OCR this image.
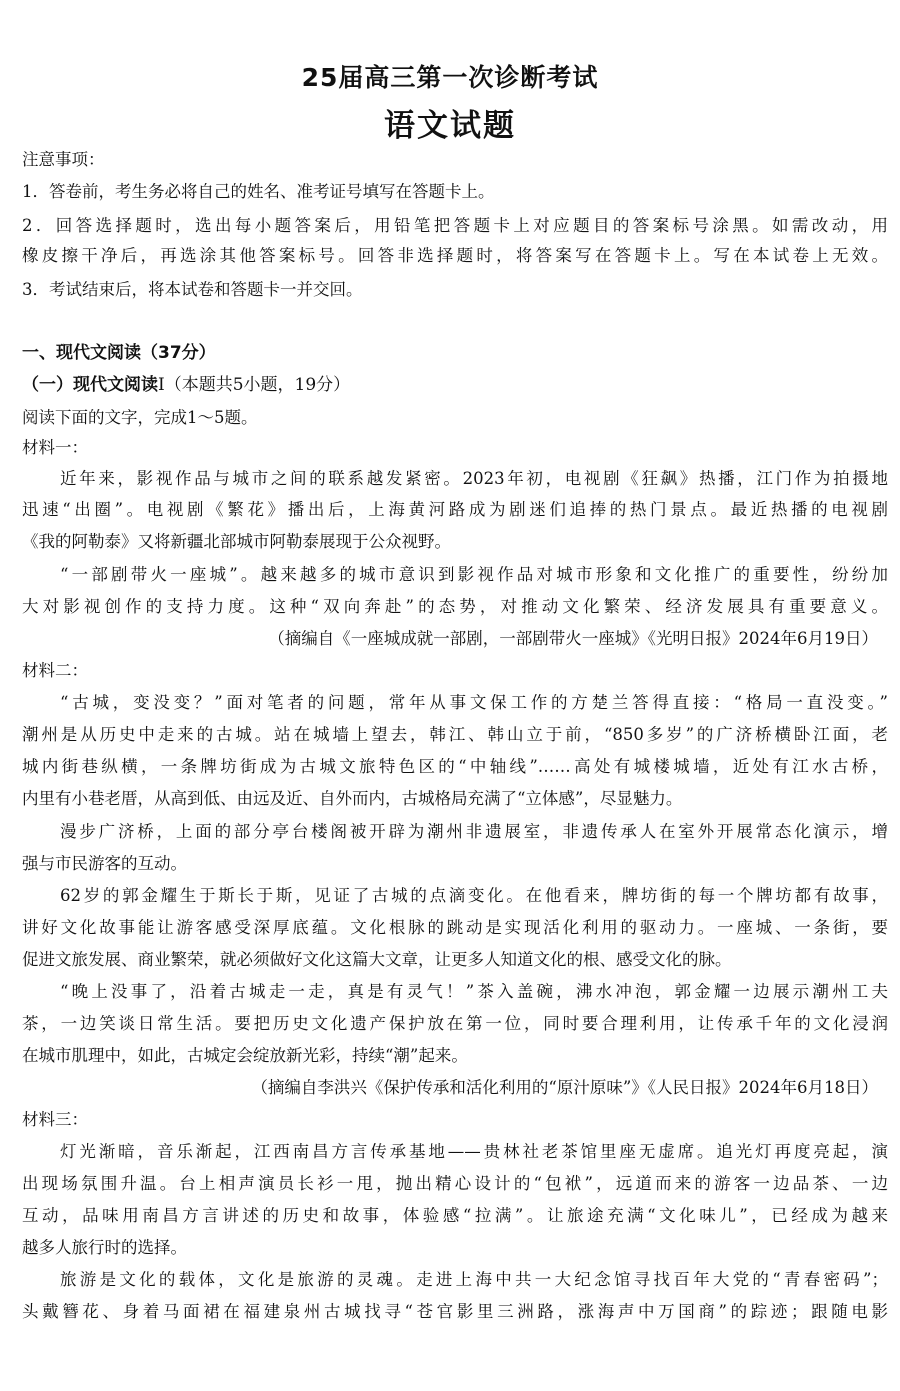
25届高三第一次诊断考试
语文试题
注意事项：
1．答卷前，考生务必将自己的姓名、准考证号填写在答题卡上。
2．回答选择题时，选出每小题答案后，用铅笔把答题卡上对应题目的答案标号涂黑。如需改动，用
橡皮擦干净后，再选涂其他答案标号。回答非选择题时，将答案写在答题卡上。写在本试卷上无效。
3．考试结束后，将本试卷和答题卡一并交回。
一、现代文阅读（37分）
（一）现代文阅读Ⅰ（本题共5小题，19分）
阅读下面的文字，完成1～5题。
材料一：
近年来，影视作品与城市之间的联系越发紧密。2023年初，电视剧《狂飙》热播，江门作为拍摄地
迅速“出圈”。电视剧《繁花》播出后，上海黄河路成为剧迷们追捧的热门景点。最近热播的电视剧
《我的阿勒泰》又将新疆北部城市阿勒泰展现于公众视野。
“一部剧带火一座城”。越来越多的城市意识到影视作品对城市形象和文化推广的重要性，纷纷加
大对影视创作的支持力度。这种“双向奔赴”的态势，对推动文化繁荣、经济发展具有重要意义。
（摘编自《一座城成就一部剧，一部剧带火一座城》《光明日报》2024年6月19日）
材料二：
“古城，变没变？”面对笔者的问题，常年从事文保工作的方楚兰答得直接：“格局一直没变。”
潮州是从历史中走来的古城。站在城墙上望去，韩江、韩山立于前，“850多岁”的广济桥横卧江面，老
城内街巷纵横，一条牌坊街成为古城文旅特色区的“中轴线”……高处有城楼城墙，近处有江水古桥，
内里有小巷老厝，从高到低、由远及近、自外而内，古城格局充满了“立体感”，尽显魅力。
漫步广济桥，上面的部分亭台楼阁被开辟为潮州非遗展室，非遗传承人在室外开展常态化演示，增
强与市民游客的互动。
62岁的郭金耀生于斯长于斯，见证了古城的点滴变化。在他看来，牌坊街的每一个牌坊都有故事，
讲好文化故事能让游客感受深厚底蕴。文化根脉的跳动是实现活化利用的驱动力。一座城、一条街，要
促进文旅发展、商业繁荣，就必须做好文化这篇大文章，让更多人知道文化的根、感受文化的脉。
“晚上没事了，沿着古城走一走，真是有灵气！”茶入盖碗，沸水冲泡，郭金耀一边展示潮州工夫
茶，一边笑谈日常生活。要把历史文化遗产保护放在第一位，同时要合理利用，让传承千年的文化浸润
在城市肌理中，如此，古城定会绽放新光彩，持续“潮”起来。
（摘编自李洪兴《保护传承和活化利用的“原汁原味”》《人民日报》2024年6月18日）
材料三：
灯光渐暗，音乐渐起，江西南昌方言传承基地——贵林社老茶馆里座无虚席。追光灯再度亮起，演
出现场氛围升温。台上相声演员长衫一甩，抛出精心设计的“包袱”，远道而来的游客一边品茶、一边
互动，品味用南昌方言讲述的历史和故事，体验感“拉满”。让旅途充满“文化味儿”，已经成为越来
越多人旅行时的选择。
旅游是文化的载体，文化是旅游的灵魂。走进上海中共一大纪念馆寻找百年大党的“青春密码”；
头戴簪花、身着马面裙在福建泉州古城找寻“苍官影里三洲路，涨海声中万国商”的踪迹；跟随电影
